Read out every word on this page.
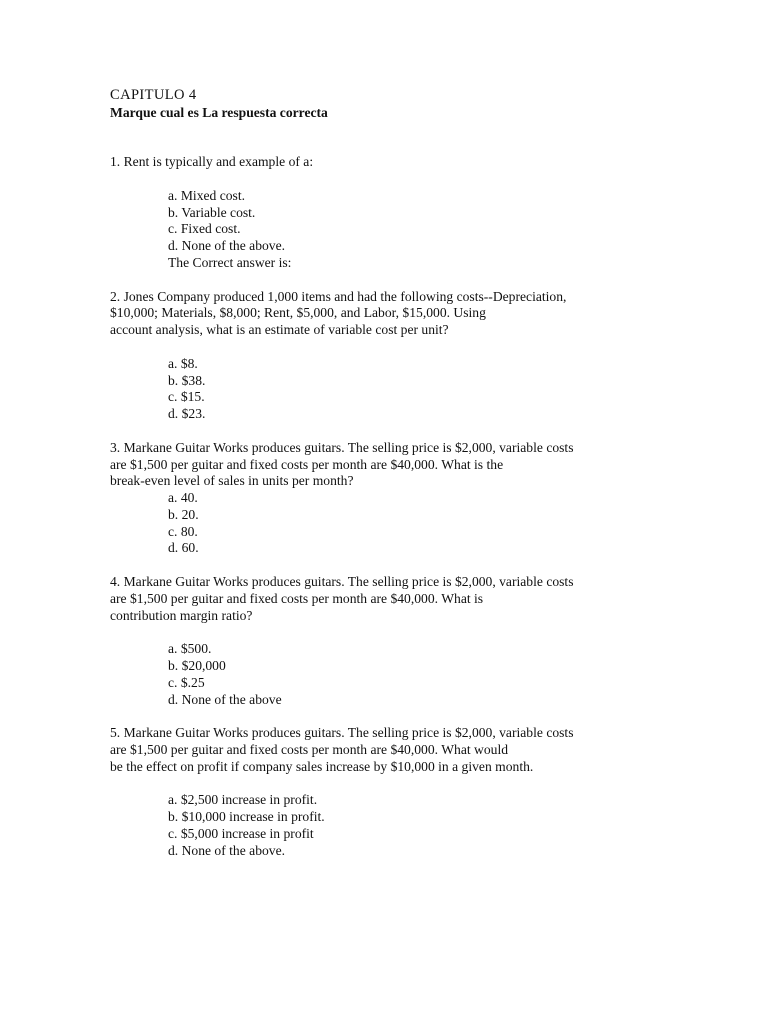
CAPITULO 4
Marque cual es La respuesta correcta

1. Rent is typically and example of a:

a. Mixed cost.

b. Variable cost.

c. Fixed cost.

d. None of the above.

The Correct answer is:

2. Jones Company produced 1,000 items and had the following costs--Depreciation,

$10,000; Materials, $8,000; Rent, $5,000, and Labor, $15,000. Using

account analysis, what is an estimate of variable cost per unit?

a. $8.

b. $38.

c. $15.

d. $23.

3. Markane Guitar Works produces guitars. The selling price is $2,000, variable costs

are $1,500 per guitar and fixed costs per month are $40,000. What is the

break-even level of sales in units per month?

a. 40.

b. 20.

c. 80.

d. 60.

4. Markane Guitar Works produces guitars. The selling price is $2,000, variable costs

are $1,500 per guitar and fixed costs per month are $40,000. What is

contribution margin ratio?

a. $500.

b. $20,000

c. $.25

d. None of the above

5. Markane Guitar Works produces guitars. The selling price is $2,000, variable costs

are $1,500 per guitar and fixed costs per month are $40,000. What would

be the effect on profit if company sales increase by $10,000 in a given month.

a. $2,500 increase in profit.

b. $10,000 increase in profit.

c. $5,000 increase in profit

d. None of the above.
